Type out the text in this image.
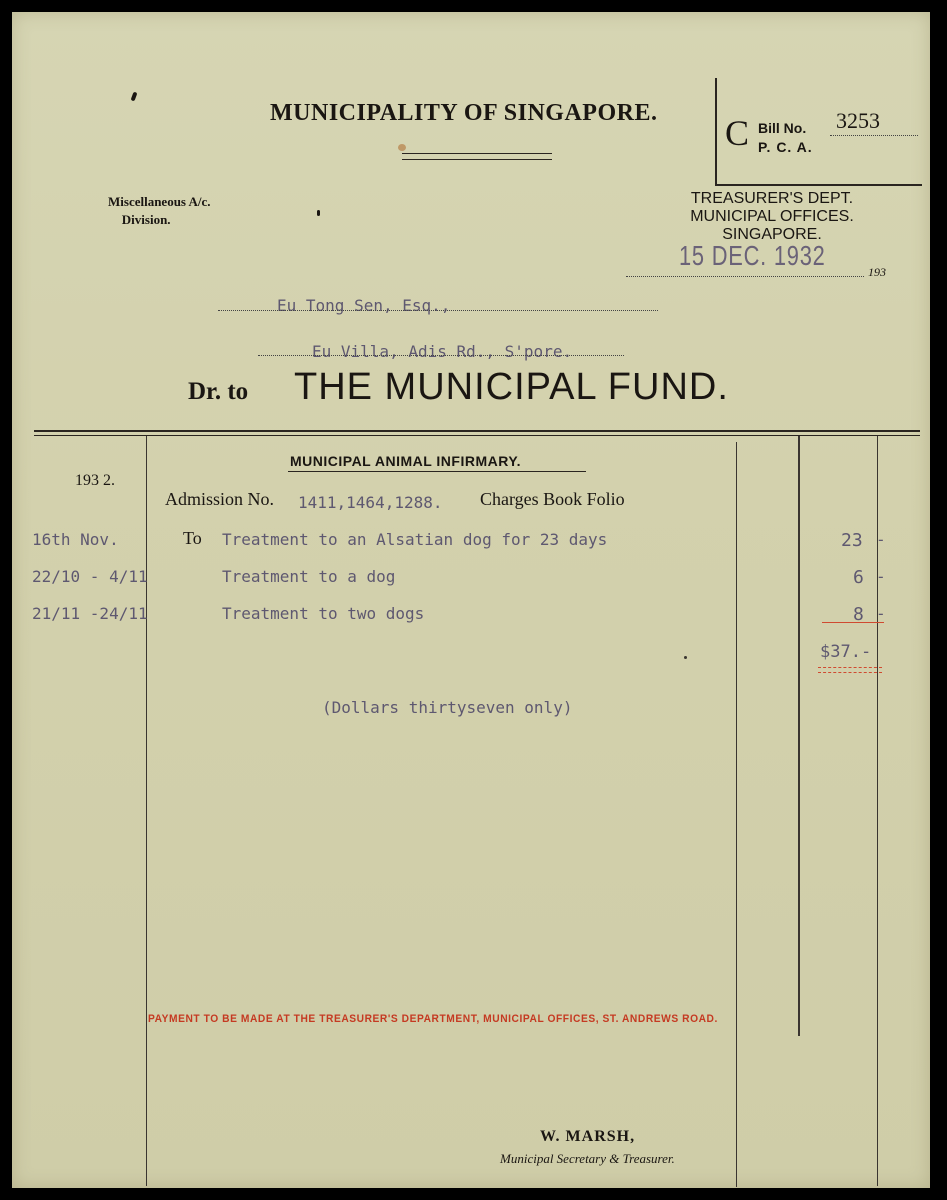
MUNICIPALITY OF SINGAPORE. C Bill No. 3253
P. C. A.
Miscellaneous A/c.
Division.
TREASURER'S DEPT.
MUNICIPAL OFFICES.
SINGAPORE.
15 DEC. 1932
193
Eu Tong Sen, Esq.,
Eu Villa, Adis Rd., S'pore.
Dr. to THE MUNICIPAL FUND.
MUNICIPAL ANIMAL INFIRMARY.
193 2.
Admission No. 1411,1464,1288. Charges Book Folio
16th Nov.	To Treatment to an Alsatian dog for 23 days	23 -
22/10 - 4/11	Treatment to a dog	6 -
21/11 -24/11	Treatment to two dogs	8 -
$37.-
(Dollars thirtyseven only)
PAYMENT TO BE MADE AT THE TREASURER'S DEPARTMENT, MUNICIPAL OFFICES, ST. ANDREWS ROAD.
W. MARSH,
Municipal Secretary & Treasurer.
